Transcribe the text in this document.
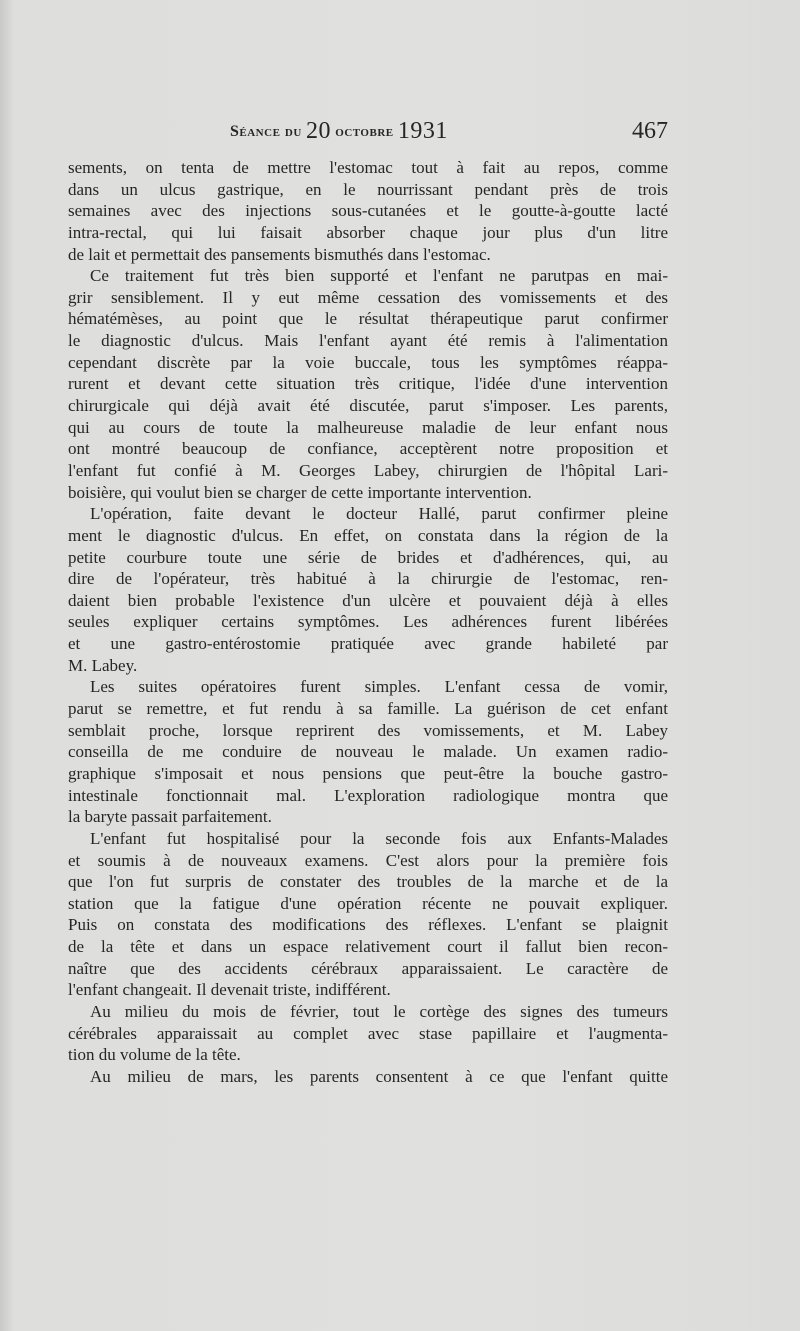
Séance du 20 octobre 1931	467
sements, on tenta de mettre l'estomac tout à fait au repos, comme
dans un ulcus gastrique, en le nourrissant pendant près de trois
semaines avec des injections sous-cutanées et le goutte-à-goutte lacté
intra-rectal, qui lui faisait absorber chaque jour plus d'un litre
de lait et permettait des pansements bismuthés dans l'estomac.
Ce traitement fut très bien supporté et l'enfant ne parutpas en mai-
grir sensiblement. Il y eut même cessation des vomissements et des
hématémèses, au point que le résultat thérapeutique parut confirmer
le diagnostic d'ulcus. Mais l'enfant ayant été remis à l'alimentation
cependant discrète par la voie buccale, tous les symptômes réappa-
rurent et devant cette situation très critique, l'idée d'une intervention
chirurgicale qui déjà avait été discutée, parut s'imposer. Les parents,
qui au cours de toute la malheureuse maladie de leur enfant nous
ont montré beaucoup de confiance, acceptèrent notre proposition et
l'enfant fut confié à M. Georges Labey, chirurgien de l'hôpital Lari-
boisière, qui voulut bien se charger de cette importante intervention.
L'opération, faite devant le docteur Hallé, parut confirmer pleine
ment le diagnostic d'ulcus. En effet, on constata dans la région de la
petite courbure toute une série de brides et d'adhérences, qui, au
dire de l'opérateur, très habitué à la chirurgie de l'estomac, ren-
daient bien probable l'existence d'un ulcère et pouvaient déjà à elles
seules expliquer certains symptômes. Les adhérences furent libérées
et une gastro-entérostomie pratiquée avec grande habileté par
M. Labey.
Les suites opératoires furent simples. L'enfant cessa de vomir,
parut se remettre, et fut rendu à sa famille. La guérison de cet enfant
semblait proche, lorsque reprirent des vomissements, et M. Labey
conseilla de me conduire de nouveau le malade. Un examen radio-
graphique s'imposait et nous pensions que peut-être la bouche gastro-
intestinale fonctionnait mal. L'exploration radiologique montra que
la baryte passait parfaitement.
L'enfant fut hospitalisé pour la seconde fois aux Enfants-Malades
et soumis à de nouveaux examens. C'est alors pour la première fois
que l'on fut surpris de constater des troubles de la marche et de la
station que la fatigue d'une opération récente ne pouvait expliquer.
Puis on constata des modifications des réflexes. L'enfant se plaignit
de la tête et dans un espace relativement court il fallut bien recon-
naître que des accidents cérébraux apparaissaient. Le caractère de
l'enfant changeait. Il devenait triste, indifférent.
Au milieu du mois de février, tout le cortège des signes des tumeurs
cérébrales apparaissait au complet avec stase papillaire et l'augmenta-
tion du volume de la tête.
Au milieu de mars, les parents consentent à ce que l'enfant quitte
